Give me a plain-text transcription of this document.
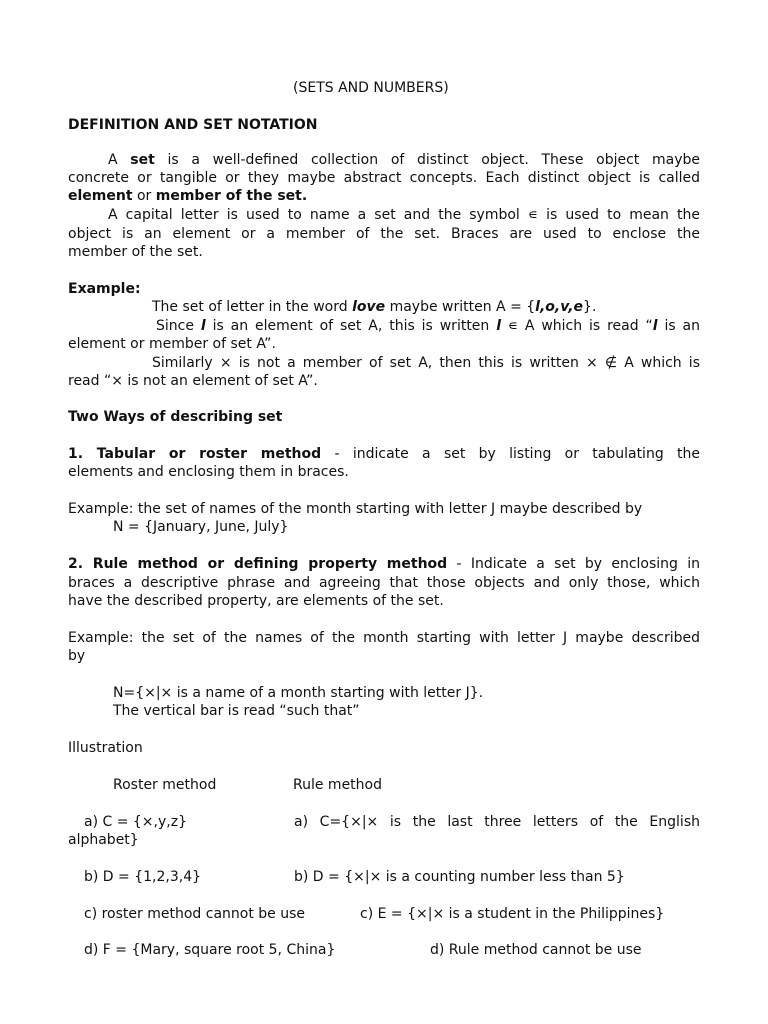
(SETS AND NUMBERS)
DEFINITION AND SET NOTATION
A set is a well-defined collection of distinct object. These object maybe
concrete or tangible or they maybe abstract concepts. Each distinct object is called
element or member of the set.
A capital letter is used to name a set and the symbol ∊ is used to mean the
object is an element or a member of the set. Braces are used to enclose the
member of the set.
Example:
The set of letter in the word love maybe written A = {l,o,v,e}.
Since l is an element of set A, this is written l ∊ A which is read “l is an
element or member of set A”.
Similarly × is not a member of set A, then this is written × ∉ A which is
read “× is not an element of set A”.
Two Ways of describing set
1. Tabular or roster method - indicate a set by listing or tabulating the
elements and enclosing them in braces.
Example: the set of names of the month starting with letter J maybe described by
N = {January, June, July}
2. Rule method or defining property method - Indicate a set by enclosing in
braces a descriptive phrase and agreeing that those objects and only those, which
have the described property, are elements of the set.
Example: the set of the names of the month starting with letter J maybe described
by
N={×|× is a name of a month starting with letter J}.
The vertical bar is read “such that”
Illustration
Roster method	Rule method
a) C = {×,y,z}	a) C={×|× is the last three letters of the English
alphabet}
b) D = {1,2,3,4}	b) D = {×|× is a counting number less than 5}
c) roster method cannot be use	c) E = {×|× is a student in the Philippines}
d) F = {Mary, square root 5, China}	d) Rule method cannot be use
